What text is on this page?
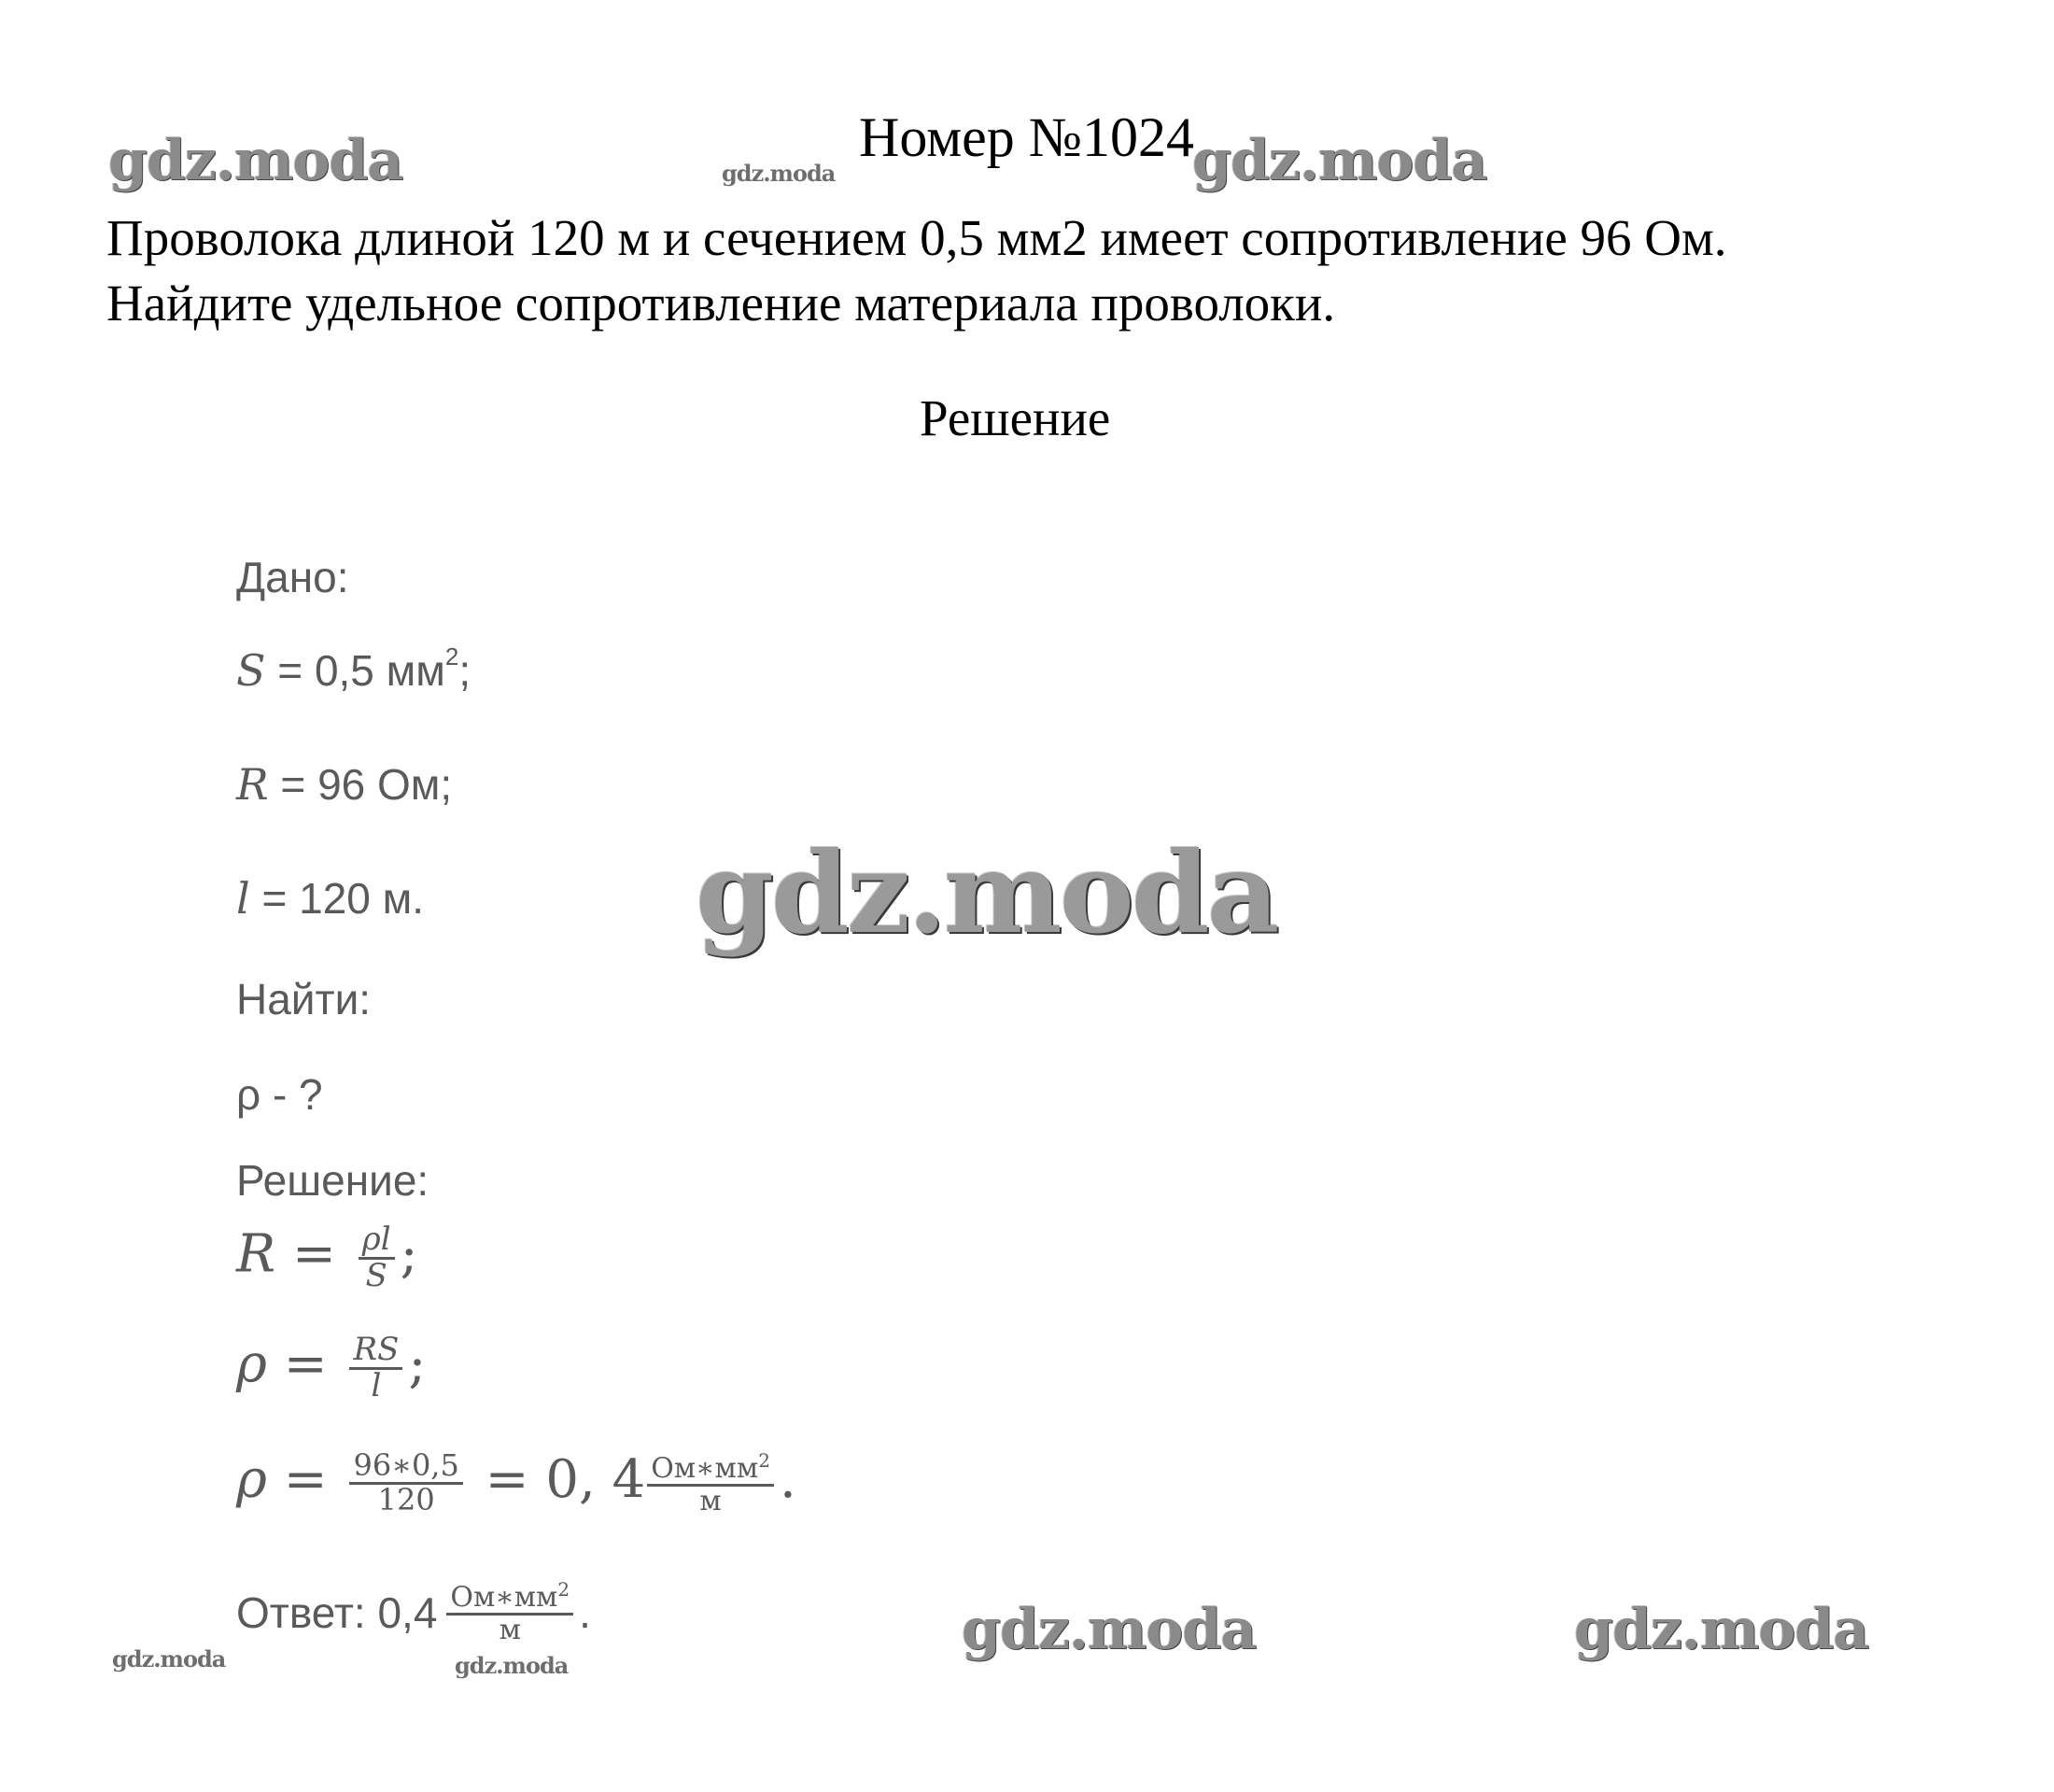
Номер №1024
Проволока длиной 120 м и сечением 0,5 мм2 имеет сопротивление 96 Ом.
Найдите удельное сопротивление материала проволоки.
Решение
gdz.moda	gdz.moda	gdz.moda
gdz.moda
gdz.moda	gdz.moda
gdz.moda	gdz.moda
Дано:
S = 0,5 $мм^2$;
R = 96 Ом;
l = 120 м.
Найти:
ρ - ?
Решение:
$R = \frac{\rho l}{S}$ ;
$\rho = \frac{RS}{l}$ ;
$\rho = \frac{96∗0,5}{120} = 0$, $4 \frac{Ом∗мм^2}{м}$ .
Ответ: $0,4 \frac{Ом∗мм^2}{м}$ .
